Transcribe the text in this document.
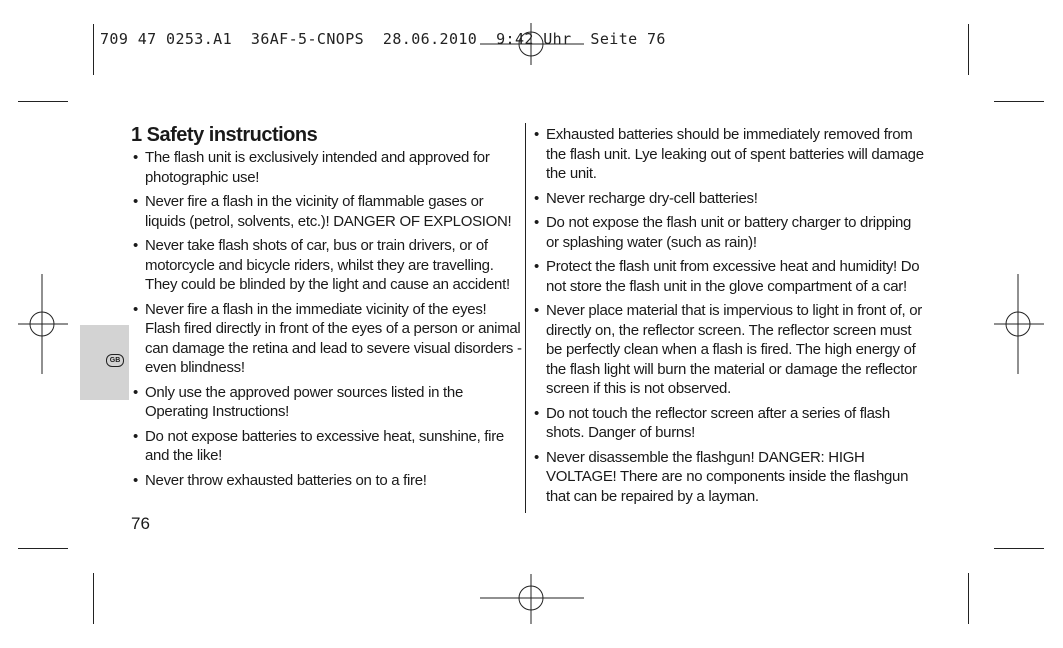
709 47 0253.A1  36AF-5-CNOPS  28.06.2010  9:42 Uhr  Seite 76
GB
1 Safety instructions
• The flash unit is exclusively intended and approved for photographic use!
• Never fire a flash in the vicinity of flammable gases or liquids (petrol, solvents, etc.)! DANGER OF EXPLOSION!
• Never take flash shots of car, bus or train drivers, or of motorcycle and bicycle riders, whilst they are travelling. They could be blinded by the light and cause an accident!
• Never fire a flash in the immediate vicinity of the eyes! Flash fired directly in front of the eyes of a person or animal can damage the retina and lead to severe visual disorders - even blindness!
• Only use the approved power sources listed in the Operating Instructions!
• Do not expose batteries to excessive heat, sunshine, fire and the like!
• Never throw exhausted batteries on to a fire!
• Exhausted batteries should be immediately removed from the flash unit. Lye leaking out of spent batteries will damage the unit.
• Never recharge dry-cell batteries!
• Do not expose the flash unit or battery charger to dripping or splashing water (such as rain)!
• Protect the flash unit from excessive heat and humidity! Do not store the flash unit in the glove compartment of a car!
• Never place material that is impervious to light in front of, or directly on, the reflector screen. The reflector screen must be perfectly clean when a flash is fired. The high energy of the flash light will burn the material or damage the reflector screen if this is not observed.
• Do not touch the reflector screen after a series of flash shots. Danger of burns!
• Never disassemble the flashgun! DANGER: HIGH VOLTAGE! There are no components inside the flashgun that can be repaired by a layman.
76
